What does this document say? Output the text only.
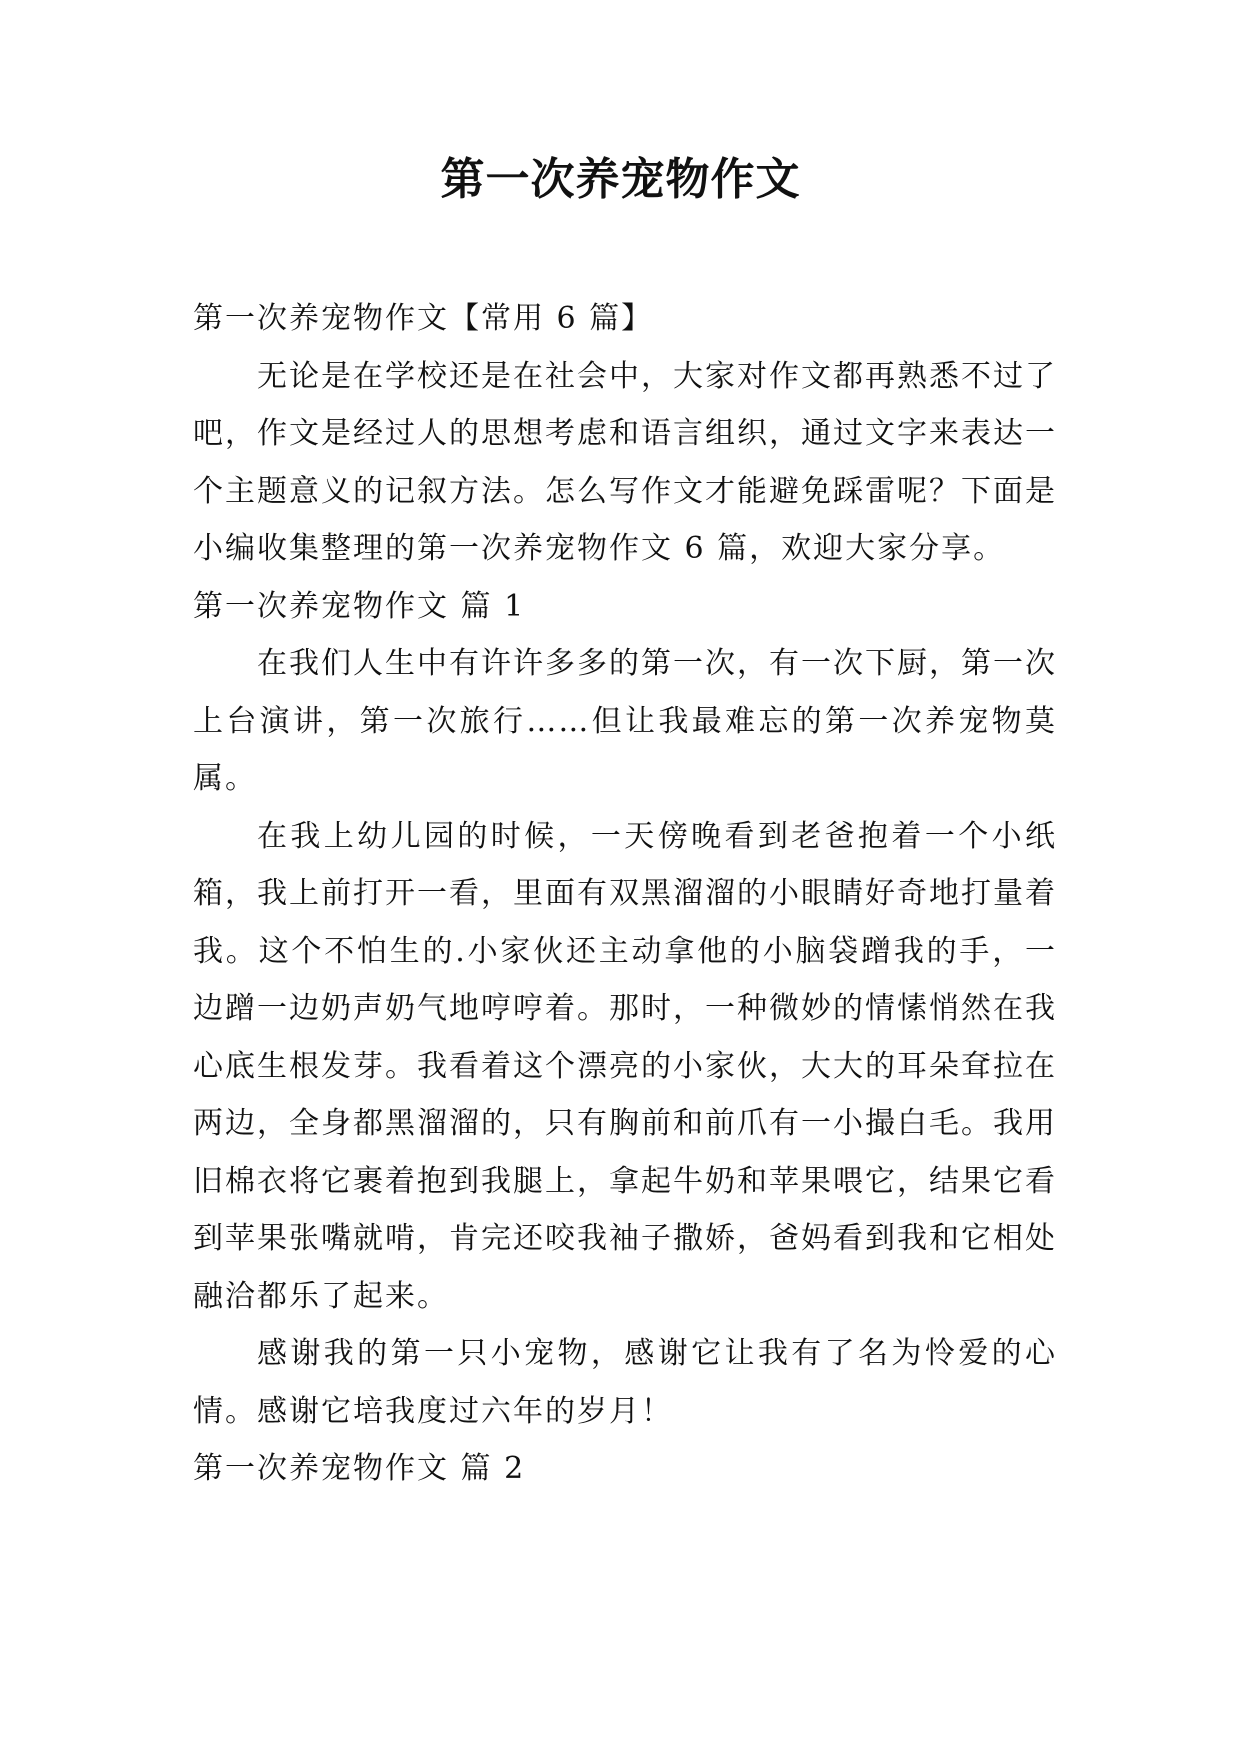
第一次养宠物作文

第一次养宠物作文【常用 6 篇】

无论是在学校还是在社会中，大家对作文都再熟悉不过了吧，作文是经过人的思想考虑和语言组织，通过文字来表达一个主题意义的记叙方法。怎么写作文才能避免踩雷呢？下面是小编收集整理的第一次养宠物作文 6 篇，欢迎大家分享。

第一次养宠物作文 篇 1

在我们人生中有许许多多的第一次，有一次下厨，第一次上台演讲，第一次旅行……但让我最难忘的第一次养宠物莫属。

在我上幼儿园的时候，一天傍晚看到老爸抱着一个小纸箱，我上前打开一看，里面有双黑溜溜的小眼睛好奇地打量着我。这个不怕生的.小家伙还主动拿他的小脑袋蹭我的手，一边蹭一边奶声奶气地哼哼着。那时，一种微妙的情愫悄然在我心底生根发芽。我看着这个漂亮的小家伙，大大的耳朵耷拉在两边，全身都黑溜溜的，只有胸前和前爪有一小撮白毛。我用旧棉衣将它裹着抱到我腿上，拿起牛奶和苹果喂它，结果它看到苹果张嘴就啃，肯完还咬我袖子撒娇，爸妈看到我和它相处融洽都乐了起来。

感谢我的第一只小宠物，感谢它让我有了名为怜爱的心情。感谢它培我度过六年的岁月！

第一次养宠物作文 篇 2
